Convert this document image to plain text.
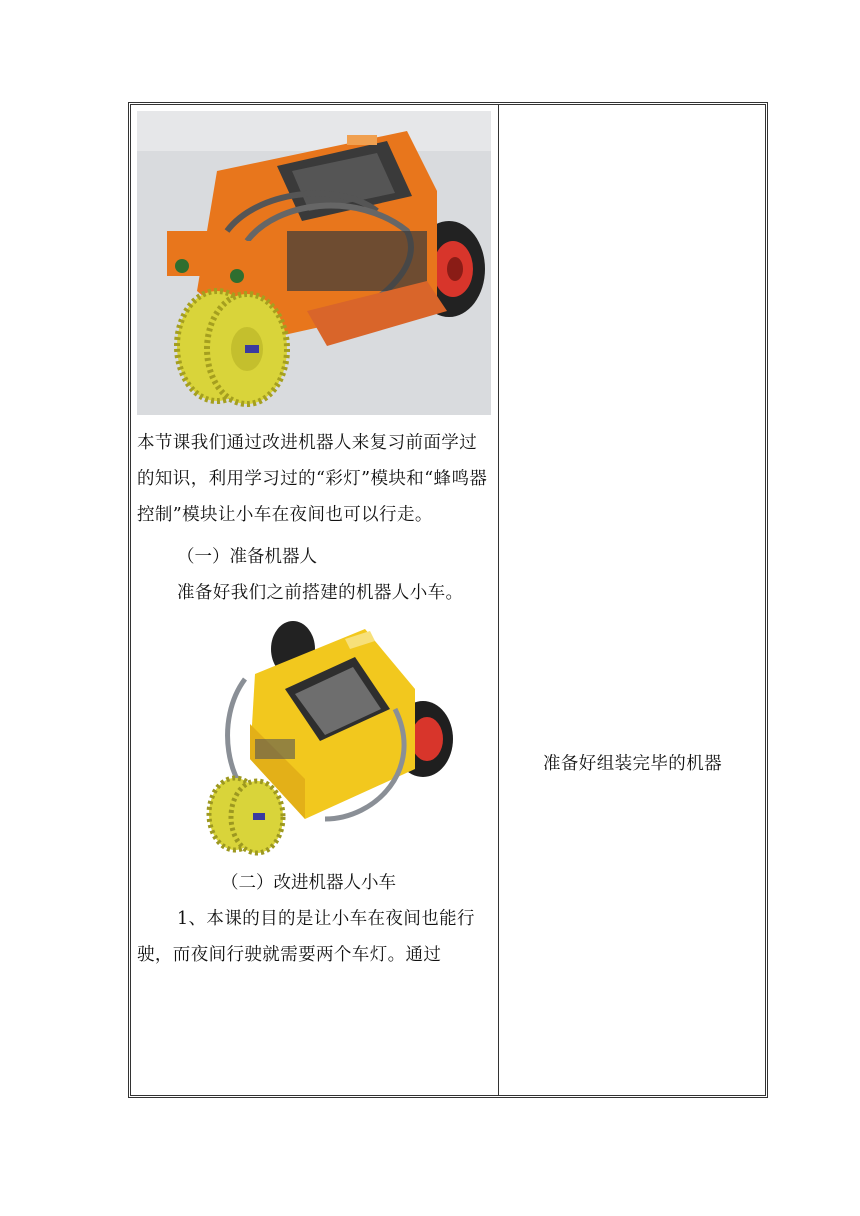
本节课我们通过改进机器人来复习前面学过的知识，利用学习过的“彩灯”模块和“蜂鸣器控制”模块让小车在夜间也可以行走。

（一）准备机器人

准备好我们之前搭建的机器人小车。

（二）改进机器人小车

1、本课的目的是让小车在夜间也能行驶，而夜间行驶就需要两个车灯。通过

准备好组装完毕的机器
